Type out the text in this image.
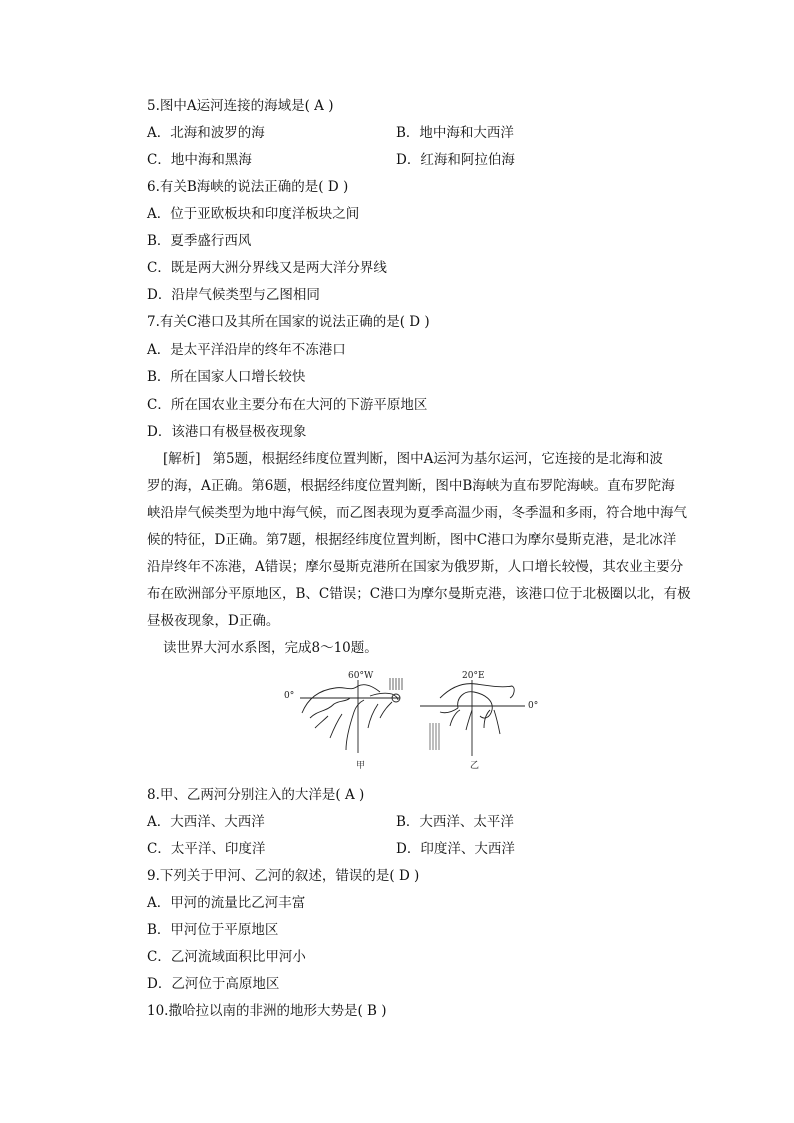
5.图中A运河连接的海域是( A )
A．北海和波罗的海	B．地中海和大西洋
C．地中海和黑海	D．红海和阿拉伯海
6.有关B海峡的说法正确的是( D )
A．位于亚欧板块和印度洋板块之间
B．夏季盛行西风
C．既是两大洲分界线又是两大洋分界线
D．沿岸气候类型与乙图相同
7.有关C港口及其所在国家的说法正确的是( D )
A．是太平洋沿岸的终年不冻港口
B．所在国家人口增长较快
C．所在国农业主要分布在大河的下游平原地区
D．该港口有极昼极夜现象
[解析] 第5题，根据经纬度位置判断，图中A运河为基尔运河，它连接的是北海和波
罗的海，A正确。第6题，根据经纬度位置判断，图中B海峡为直布罗陀海峡。直布罗陀海
峡沿岸气候类型为地中海气候，而乙图表现为夏季高温少雨，冬季温和多雨，符合地中海气
候的特征，D正确。第7题，根据经纬度位置判断，图中C港口为摩尔曼斯克港，是北冰洋
沿岸终年不冻港，A错误；摩尔曼斯克港所在国家为俄罗斯，人口增长较慢，其农业主要分
布在欧洲部分平原地区，B、C错误；C港口为摩尔曼斯克港，该港口位于北极圈以北，有极
昼极夜现象，D正确。
读世界大河水系图，完成8～10题。
60°W
0°
甲
20°E
0°
乙
8.甲、乙两河分别注入的大洋是( A )
A．大西洋、大西洋	B．大西洋、太平洋
C．太平洋、印度洋	D．印度洋、大西洋
9.下列关于甲河、乙河的叙述，错误的是( D )
A．甲河的流量比乙河丰富
B．甲河位于平原地区
C．乙河流域面积比甲河小
D．乙河位于高原地区
10.撒哈拉以南的非洲的地形大势是( B )
